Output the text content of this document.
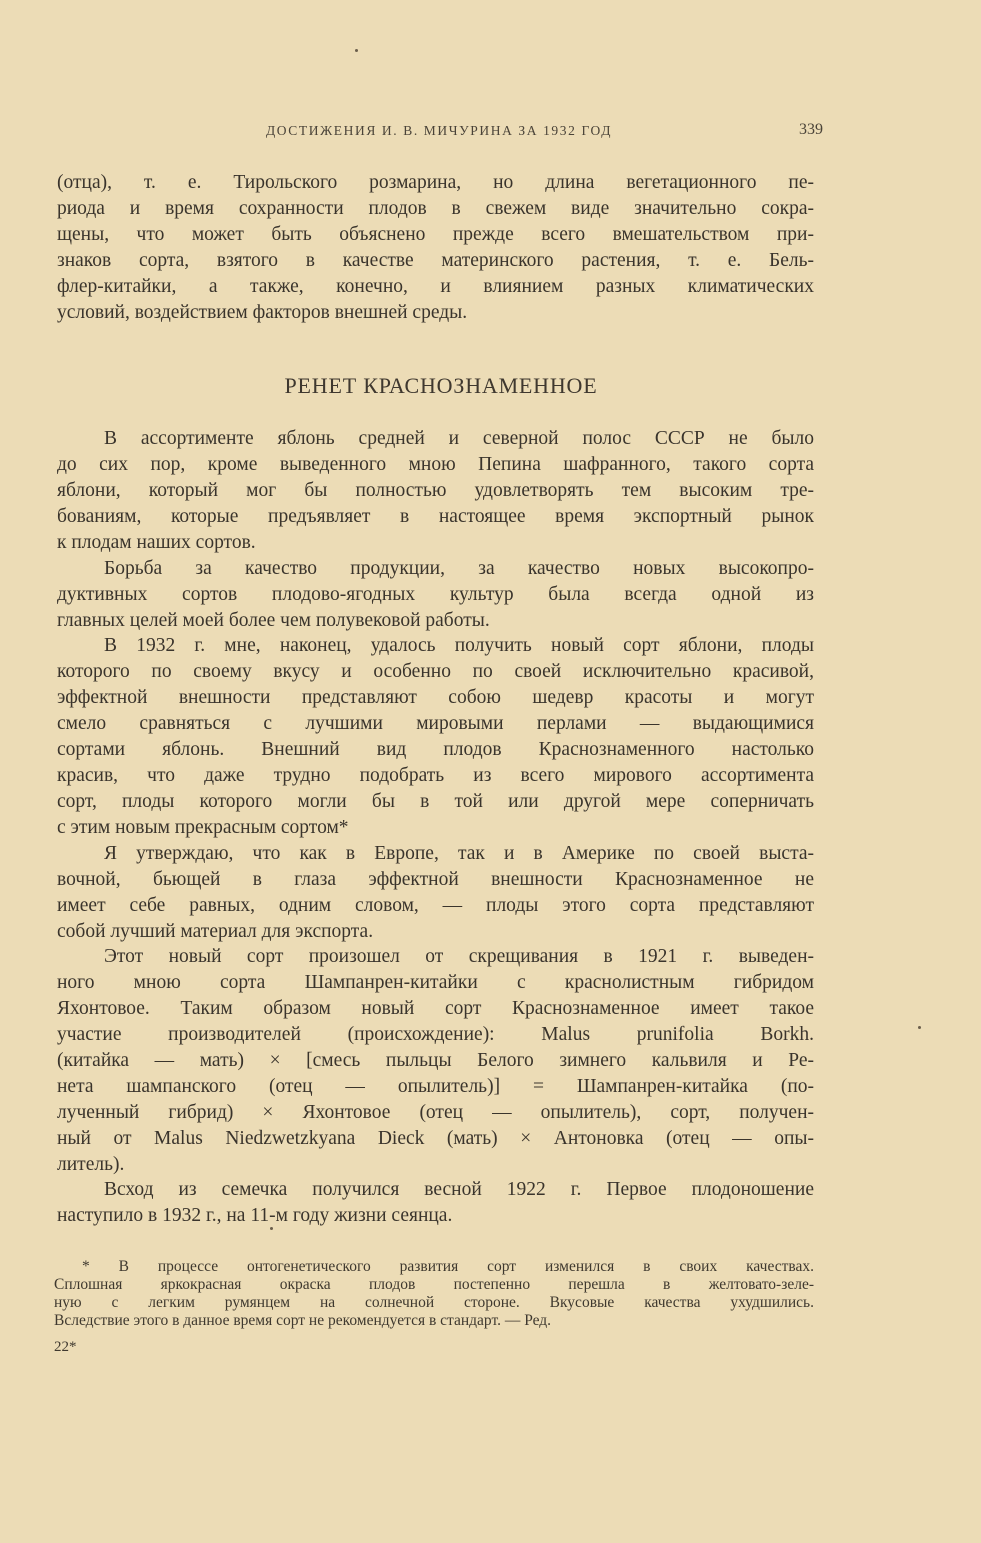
ДОСТИЖЕНИЯ И. В. МИЧУРИНА ЗА 1932 ГОД	339
(отца), т. е. Тирольского розмарина, но длина вегетационного пе-
риода и время сохранности плодов в свежем виде значительно сокра-
щены, что может быть объяснено прежде всего вмешательством при-
знаков сорта, взятого в качестве материнского растения, т. е. Бель-
флер-китайки, а также, конечно, и влиянием разных климатических
условий, воздействием факторов внешней среды.
РЕНЕТ КРАСНОЗНАМЕННОЕ
В ассортименте яблонь средней и северной полос СССР не было
до сих пор, кроме выведенного мною Пепина шафранного, такого сорта
яблони, который мог бы полностью удовлетворять тем высоким тре-
бованиям, которые предъявляет в настоящее время экспортный рынок
к плодам наших сортов.
Борьба за качество продукции, за качество новых высокопро-
дуктивных сортов плодово-ягодных культур была всегда одной из
главных целей моей более чем полувековой работы.
В 1932 г. мне, наконец, удалось получить новый сорт яблони, плоды
которого по своему вкусу и особенно по своей исключительно красивой,
эффектной внешности представляют собою шедевр красоты и могут
смело сравняться с лучшими мировыми перлами — выдающимися
сортами яблонь. Внешний вид плодов Краснознаменного настолько
красив, что даже трудно подобрать из всего мирового ассортимента
сорт, плоды которого могли бы в той или другой мере соперничать
с этим новым прекрасным сортом*
Я утверждаю, что как в Европе, так и в Америке по своей выста-
вочной, бьющей в глаза эффектной внешности Краснознаменное не
имеет себе равных, одним словом, — плоды этого сорта представляют
собой лучший материал для экспорта.
Этот новый сорт произошел от скрещивания в 1921 г. выведен-
ного мною сорта Шампанрен-китайки с краснолистным гибридом
Яхонтовое. Таким образом новый сорт Краснознаменное имеет такое
участие производителей (происхождение): Malus prunifolia Borkh.
(китайка — мать) × [смесь пыльцы Белого зимнего кальвиля и Ре-
нета шампанского (отец — опылитель)] = Шампанрен-китайка (по-
лученный гибрид) × Яхонтовое (отец — опылитель), сорт, получен-
ный от Malus Niedzwetzkyana Dieck (мать) × Антоновка (отец — опы-
литель).
Всход из семечка получился весной 1922 г. Первое плодоношение
наступило в 1932 г., на 11-м году жизни сеянца.
* В процессе онтогенетического развития сорт изменился в своих качествах.
Сплошная яркокрасная окраска плодов постепенно перешла в желтовато-зеле-
ную с легким румянцем на солнечной стороне. Вкусовые качества ухудшились.
Вследствие этого в данное время сорт не рекомендуется в стандарт. — Ред.
22*
